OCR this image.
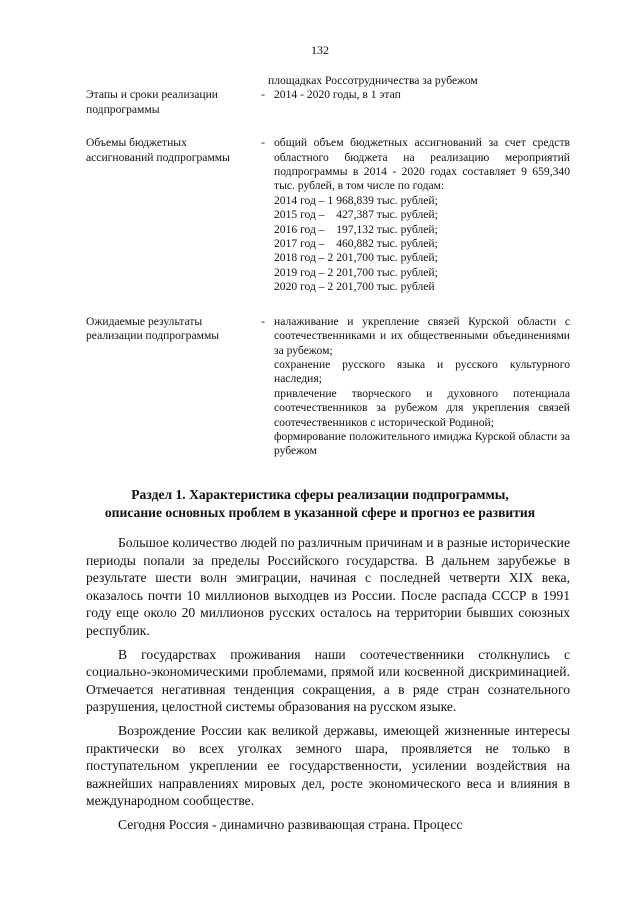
132
площадках Россотрудничества за рубежом
Этапы и сроки реализации подпрограммы
- 2014 - 2020 годы, в 1 этап
Объемы бюджетных ассигнований подпрограммы
- общий объем бюджетных ассигнований за счет средств областного бюджета на реализацию мероприятий подпрограммы в 2014 - 2020 годах составляет 9 659,340 тыс. рублей, в том числе по годам:
2014 год – 1 968,839 тыс. рублей;
2015 год –    427,387 тыс. рублей;
2016 год –    197,132 тыс. рублей;
2017 год –    460,882 тыс. рублей;
2018 год – 2 201,700 тыс. рублей;
2019 год – 2 201,700 тыс. рублей;
2020 год – 2 201,700 тыс. рублей
Ожидаемые результаты реализации подпрограммы
- налаживание и укрепление связей Курской области с соотечественниками и их общественными объединениями за рубежом;
сохранение русского языка и русского культурного наследия;
привлечение творческого и духовного потенциала соотечественников за рубежом для укрепления связей соотечественников с исторической Родиной;
формирование положительного имиджа Курской области за рубежом
Раздел 1. Характеристика сферы реализации подпрограммы,
описание основных проблем в указанной сфере и прогноз ее развития

Большое количество людей по различным причинам и в разные исторические периоды попали за пределы Российского государства. В дальнем зарубежье в результате шести волн эмиграции, начиная с последней четверти XIX века, оказалось почти 10 миллионов выходцев из России. После распада СССР в 1991 году еще около 20 миллионов русских осталось на территории бывших союзных республик.

В государствах проживания наши соотечественники столкнулись с социально-экономическими проблемами, прямой или косвенной дискриминацией. Отмечается негативная тенденция сокращения, а в ряде стран сознательного разрушения, целостной системы образования на русском языке.

Возрождение России как великой державы, имеющей жизненные интересы практически во всех уголках земного шара, проявляется не только в поступательном укреплении ее государственности, усилении воздействия на важнейших направлениях мировых дел, росте экономического веса и влияния в международном сообществе.

Сегодня Россия - динамично развивающая страна. Процесс
